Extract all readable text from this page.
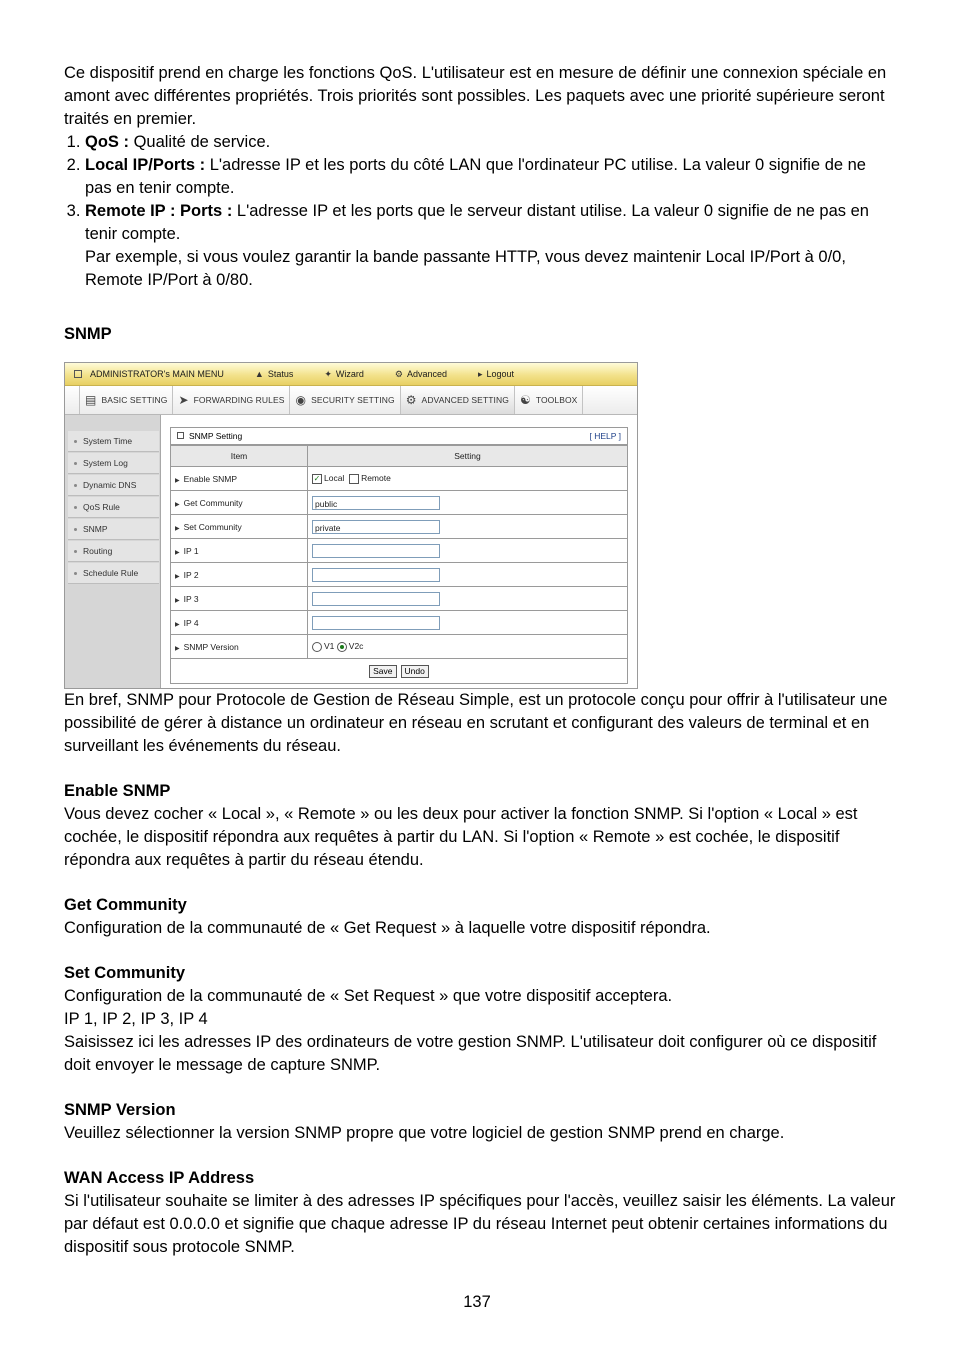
Ce dispositif prend en charge les fonctions QoS. L'utilisateur est en mesure de définir une connexion spéciale en amont avec différentes propriétés. Trois priorités sont possibles. Les paquets avec une priorité supérieure seront traités en premier.

1. QoS : Qualité de service.
2. Local IP/Ports : L'adresse IP et les ports du côté LAN que l'ordinateur PC utilise. La valeur 0 signifie de ne pas en tenir compte.
3. Remote IP : Ports : L'adresse IP et les ports que le serveur distant utilise. La valeur 0 signifie de ne pas en tenir compte.
Par exemple, si vous voulez garantir la bande passante HTTP, vous devez maintenir Local IP/Port à 0/0, Remote IP/Port à 0/80.
SNMP

En bref, SNMP pour Protocole de Gestion de Réseau Simple, est un protocole conçu pour offrir à l'utilisateur une possibilité de gérer à distance un ordinateur en réseau en scrutant et configurant des valeurs de terminal et en surveillant les événements du réseau.

Enable SNMP

Vous devez cocher « Local », « Remote » ou les deux pour activer la fonction SNMP. Si l'option « Local » est cochée, le dispositif répondra aux requêtes à partir du LAN. Si l'option « Remote » est cochée, le dispositif répondra aux requêtes à partir du réseau étendu.

Get Community

Configuration de la communauté de « Get Request » à laquelle votre dispositif répondra.

Set Community

Configuration de la communauté de « Set Request » que votre dispositif acceptera.

IP 1, IP 2, IP 3, IP 4

Saisissez ici les adresses IP des ordinateurs de votre gestion SNMP. L'utilisateur doit configurer où ce dispositif doit envoyer le message de capture SNMP.

SNMP Version

Veuillez sélectionner la version SNMP propre que votre logiciel de gestion SNMP prend en charge.

WAN Access IP Address

Si l'utilisateur souhaite se limiter à des adresses IP spécifiques pour l'accès, veuillez saisir les éléments. La valeur par défaut est 0.0.0.0 et signifie que chaque adresse IP du réseau Internet peut obtenir certaines informations du dispositif sous protocole SNMP.

ADMINISTRATOR's MAIN MENU	▲ Status	✦ Wizard	⚙ Advanced	▸ Logout
▤ BASIC SETTING ➤ FORWARDING RULES ◉ SECURITY SETTING ⚙ ADVANCED SETTING ☯ TOOLBOX
System Time
System Log
Dynamic DNS
QoS Rule
SNMP
Routing
Schedule Rule
SNMP Setting	[ HELP ]
Item	Setting
▶ Enable SNMP	✓ Local Remote
▶ Get Community	public

▶ Set Community	private

▶ IP 1	

▶ IP 2	

▶ IP 3	

▶ IP 4	

▶ SNMP Version	V1 V2c
Save	Undo
137
